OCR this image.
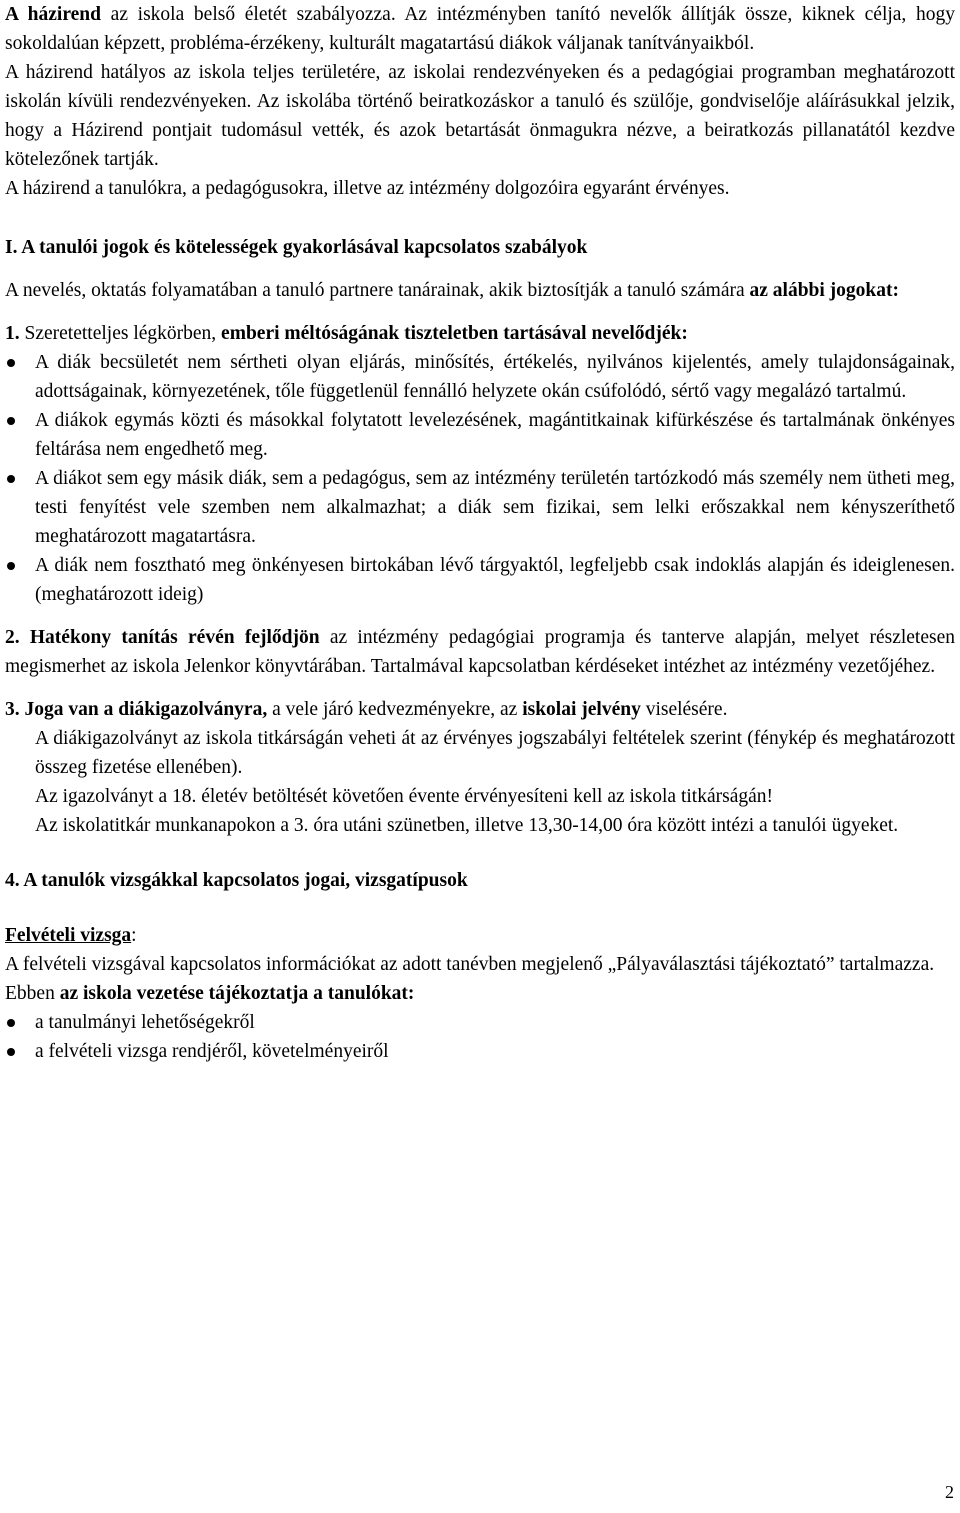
A házirend az iskola belső életét szabályozza. Az intézményben tanító nevelők állítják össze, kiknek célja, hogy sokoldalúan képzett, probléma-érzékeny, kulturált magatartású diákok váljanak tanítványaikból.

A házirend hatályos az iskola teljes területére, az iskolai rendezvényeken és a pedagógiai programban meghatározott iskolán kívüli rendezvényeken. Az iskolába történő beiratkozáskor a tanuló és szülője, gondviselője aláírásukkal jelzik, hogy a Házirend pontjait tudomásul vették, és azok betartását önmagukra nézve, a beiratkozás pillanatától kezdve kötelezőnek tartják.

A házirend a tanulókra, a pedagógusokra, illetve az intézmény dolgozóira egyaránt érvényes.

I. A tanulói jogok és kötelességek gyakorlásával kapcsolatos szabályok

A nevelés, oktatás folyamatában a tanuló partnere tanárainak, akik biztosítják a tanuló számára az alábbi jogokat:

1. Szeretetteljes légkörben, emberi méltóságának tiszteletben tartásával nevelődjék:

A diák becsületét nem sértheti olyan eljárás, minősítés, értékelés, nyilvános kijelentés, amely tulajdonságainak, adottságainak, környezetének, tőle függetlenül fennálló helyzete okán csúfolódó, sértő vagy megalázó tartalmú.
A diákok egymás közti és másokkal folytatott levelezésének, magántitkainak kifürkészése és tartalmának önkényes feltárása nem engedhető meg.
A diákot sem egy másik diák, sem a pedagógus, sem az intézmény területén tartózkodó más személy nem ütheti meg, testi fenyítést vele szemben nem alkalmazhat; a diák sem fizikai, sem lelki erőszakkal nem kényszeríthető meghatározott magatartásra.
A diák nem fosztható meg önkényesen birtokában lévő tárgyaktól, legfeljebb csak indoklás alapján és ideiglenesen. (meghatározott ideig)

2. Hatékony tanítás révén fejlődjön az intézmény pedagógiai programja és tanterve alapján, melyet részletesen megismerhet az iskola Jelenkor könyvtárában. Tartalmával kapcsolatban kérdéseket intézhet az intézmény vezetőjéhez.

3. Joga van a diákigazolványra, a vele járó kedvezményekre, az iskolai jelvény viselésére.

A diákigazolványt az iskola titkárságán veheti át az érvényes jogszabályi feltételek szerint (fénykép és meghatározott összeg fizetése ellenében).

Az igazolványt a 18. életév betöltését követően évente érvényesíteni kell az iskola titkárságán!

Az iskolatitkár munkanapokon a 3. óra utáni szünetben, illetve 13,30-14,00 óra között intézi a tanulói ügyeket.

4. A tanulók vizsgákkal kapcsolatos jogai, vizsgatípusok

Felvételi vizsga:

A felvételi vizsgával kapcsolatos információkat az adott tanévben megjelenő „Pályaválasztási tájékoztató” tartalmazza.

Ebben az iskola vezetése tájékoztatja a tanulókat:

a tanulmányi lehetőségekről
a felvételi vizsga rendjéről, követelményeiről
2
